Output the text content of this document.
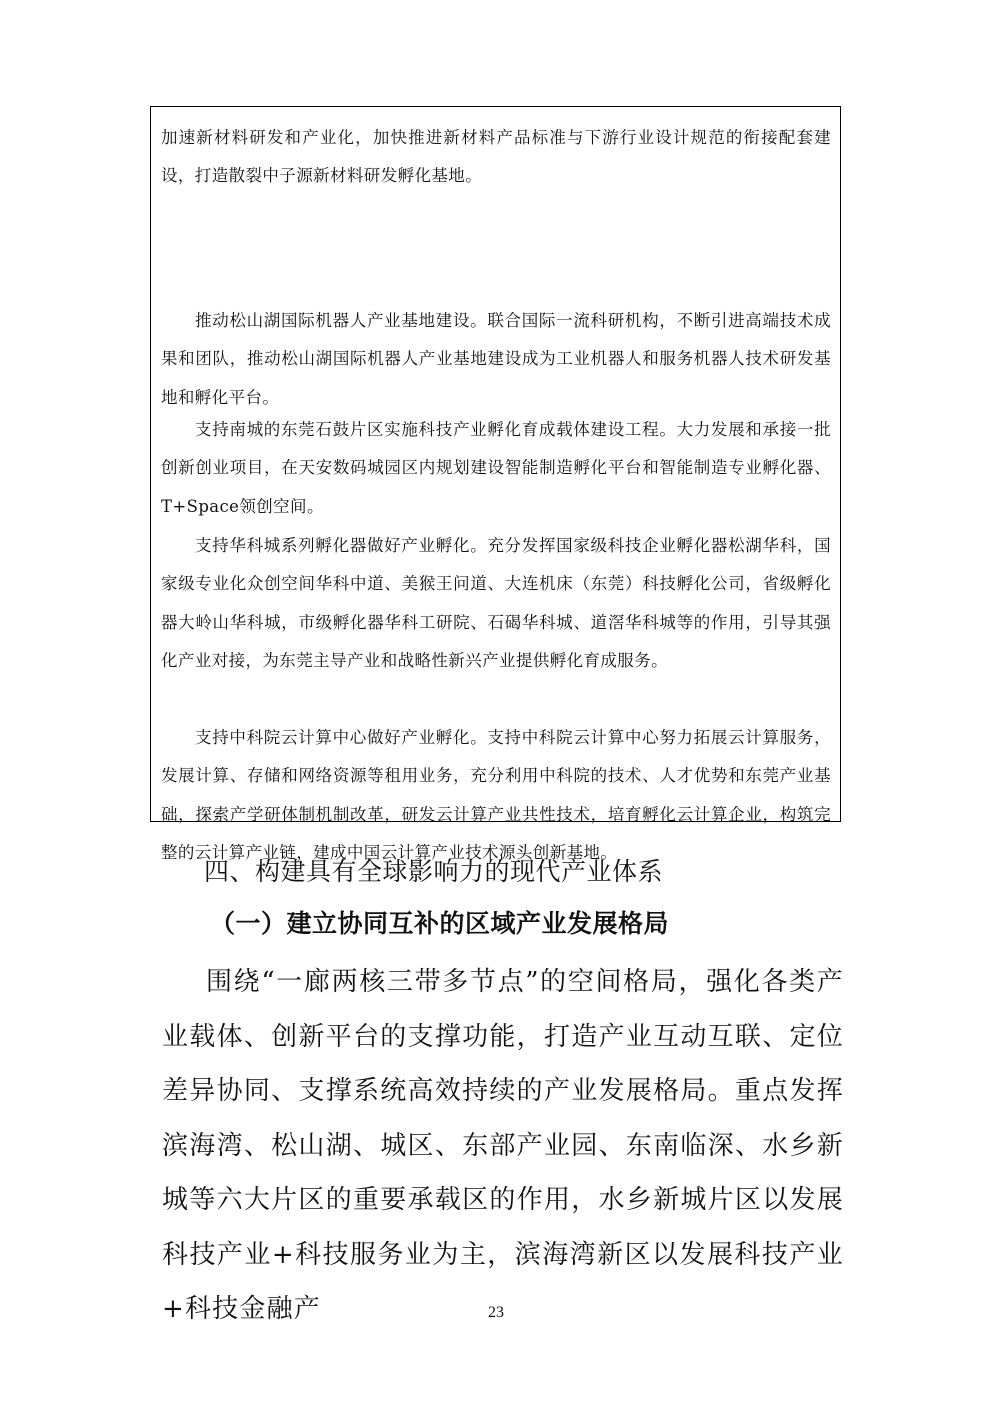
加速新材料研发和产业化，加快推进新材料产品标准与下游行业设计规范的衔接配套建设，打造散裂中子源新材料研发孵化基地。

推动松山湖国际机器人产业基地建设。联合国际一流科研机构，不断引进高端技术成果和团队，推动松山湖国际机器人产业基地建设成为工业机器人和服务机器人技术研发基地和孵化平台。

支持南城的东莞石鼓片区实施科技产业孵化育成载体建设工程。大力发展和承接一批创新创业项目，在天安数码城园区内规划建设智能制造孵化平台和智能制造专业孵化器、T+Space领创空间。

支持华科城系列孵化器做好产业孵化。充分发挥国家级科技企业孵化器松湖华科，国家级专业化众创空间华科中道、美猴王问道、大连机床（东莞）科技孵化公司，省级孵化器大岭山华科城，市级孵化器华科工研院、石碣华科城、道滘华科城等的作用，引导其强化产业对接，为东莞主导产业和战略性新兴产业提供孵化育成服务。

支持中科院云计算中心做好产业孵化。支持中科院云计算中心努力拓展云计算服务，发展计算、存储和网络资源等租用业务，充分利用中科院的技术、人才优势和东莞产业基础，探索产学研体制机制改革，研发云计算产业共性技术，培育孵化云计算企业，构筑完整的云计算产业链，建成中国云计算产业技术源头创新基地。

四、构建具有全球影响力的现代产业体系
（一）建立协同互补的区域产业发展格局

围绕“一廊两核三带多节点”的空间格局，强化各类产业载体、创新平台的支撑功能，打造产业互动互联、定位差异协同、支撑系统高效持续的产业发展格局。重点发挥滨海湾、松山湖、城区、东部产业园、东南临深、水乡新城等六大片区的重要承载区的作用，水乡新城片区以发展科技产业+科技服务业为主，滨海湾新区以发展科技产业+科技金融产	23
